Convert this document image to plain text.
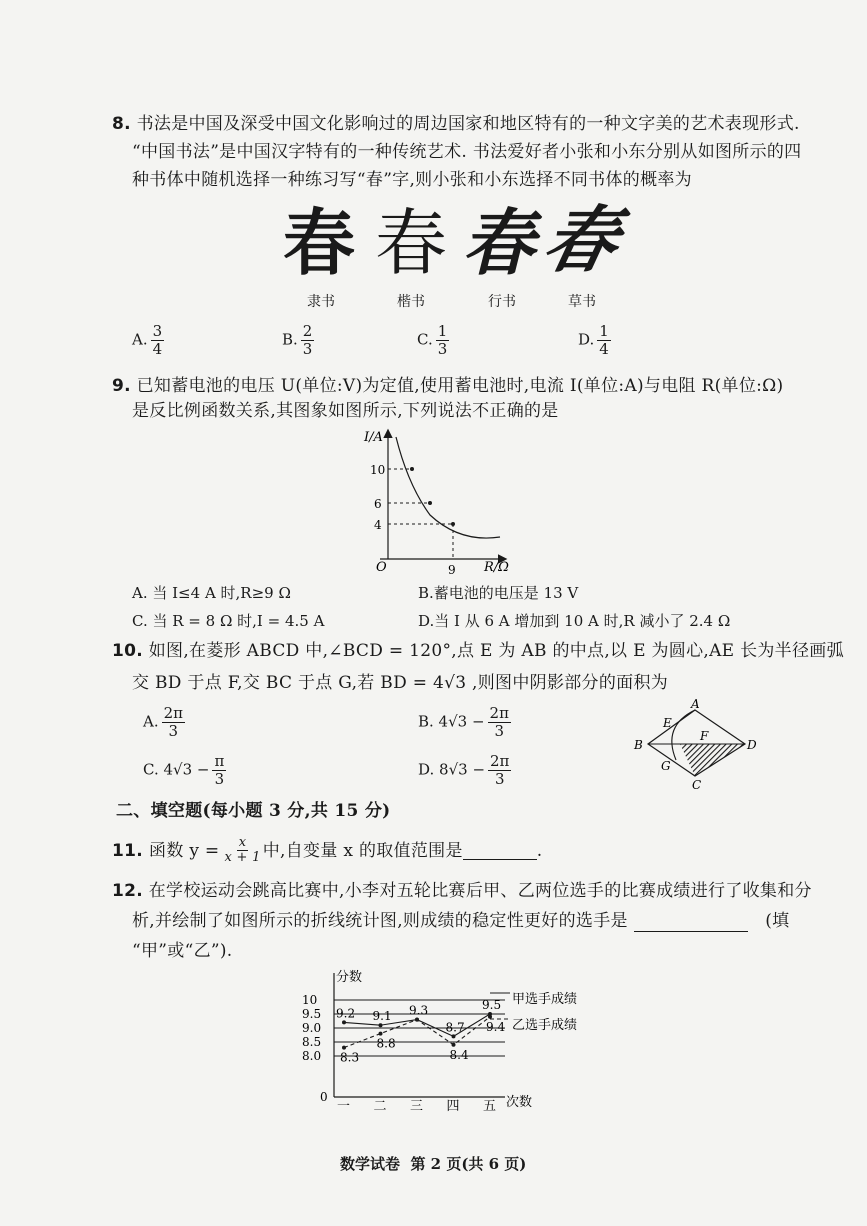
8. 书法是中国及深受中国文化影响过的周边国家和地区特有的一种文字美的艺术表现形式.
“中国书法”是中国汉字特有的一种传统艺术. 书法爱好者小张和小东分别从如图所示的四
种书体中随机选择一种练习写“春”字,则小张和小东选择不同书体的概率为
春 春 春 春
隶书	楷书	行书	草书
A. $\frac{3}{4}$	B. $\frac{2}{3}$	C. $\frac{1}{3}$	D. $\frac{1}{4}$
9. 已知蓄电池的电压 U(单位:V)为定值,使用蓄电池时,电流 I(单位:A)与电阻 R(单位:Ω)
是反比例函数关系,其图象如图所示,下列说法不正确的是
I/A
10
6
4
9
O	R/Ω
A. 当 I≤4 A 时,R≥9 Ω	B.蓄电池的电压是 13 V
C. 当 R = 8 Ω 时,I = 4.5 A	D.当 I 从 6 A 增加到 10 A 时,R 减小了 2.4 Ω
10. 如图,在菱形 ABCD 中,∠BCD = 120°,点 E 为 AB 的中点,以 E 为圆心,AE 长为半径画弧
交 BD 于点 F,交 BC 于点 G,若 BD = 4√3 ,则图中阴影部分的面积为
A. $\frac{2\pi}{3}$	B. $4√3 - \frac{2\pi}{3}$
C. $4√3 - \frac{\pi}{3}$	D. $8√3 - \frac{2\pi}{3}$
A
B
C
D
E
F
G
二、填空题(每小题 3 分,共 15 分)
11. 函数 $y = \frac{x}{x + 1}$ 中,自变量 x 的取值范围是	.
12. 在学校运动会跳高比赛中,小李对五轮比赛后甲、乙两位选手的比赛成绩进行了收集和分
析,并绘制了如图所示的折线统计图,则成绩的稳定性更好的选手是	(填
“甲”或“乙”).
分数
次数
甲选手成绩
乙选手成绩
10
9.5
9.0
8.5
8.0
0
一 二 三 四 五
9.2 9.1 9.3
8.7
9.5
8.3
8.8
8.4
9.4
数学试卷  第 2 页(共 6 页)
